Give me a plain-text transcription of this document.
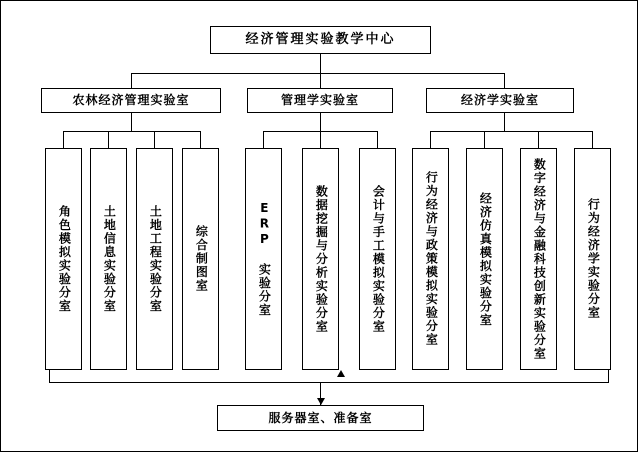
经济管理实验教学中心
农林经济管理实验室	管理学实验室	经济学实验室
角色模拟实验分室	土地信息实验分室	土地工程实验分室	综合制图室	ERP 实验分室	数据挖掘与分析实验分室	会计与手工模拟实验分室	行为经济与政策模拟实验分室	经济仿真模拟实验分室	数字经济与金融科技创新实验分室	行为经济学实验分室
服务器室、准备室
